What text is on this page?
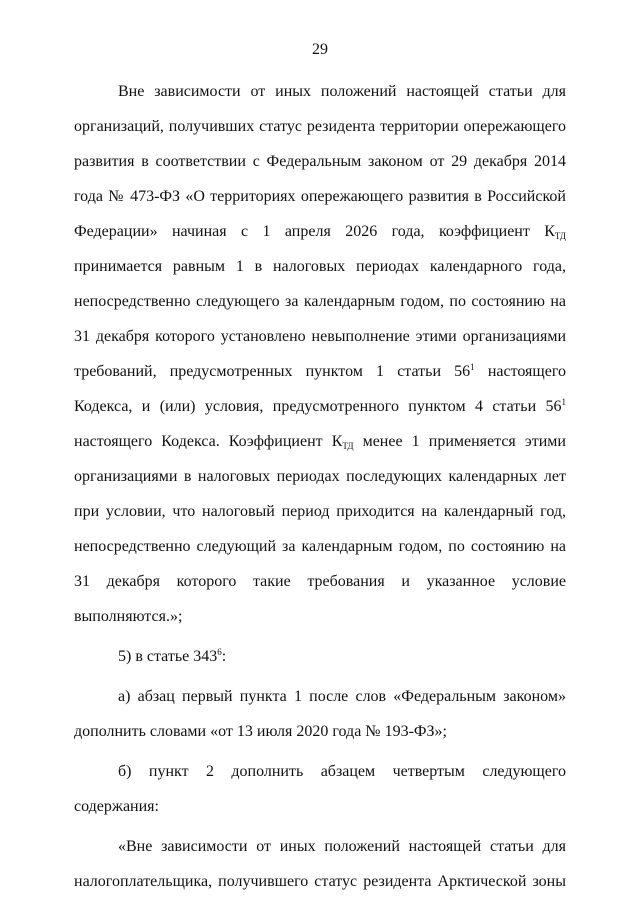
29

Вне зависимости от иных положений настоящей статьи для организаций, получивших статус резидента территории опережающего развития в соответствии с Федеральным законом от 29 декабря 2014 года № 473-ФЗ «О территориях опережающего развития в Российской Федерации» начиная с 1 апреля 2026 года, коэффициент $К_{ТД}$ принимается равным 1 в налоговых периодах календарного года, непосредственно следующего за календарным годом, по состоянию на 31 декабря которого установлено невыполнение этими организациями требований, предусмотренных пунктом 1 статьи $56^1$ настоящего Кодекса, и (или) условия, предусмотренного пунктом 4 статьи $56^1$ настоящего Кодекса. Коэффициент $К_{ТД}$ менее 1 применяется этими организациями в налоговых периодах последующих календарных лет при условии, что налоговый период приходится на календарный год, непосредственно следующий за календарным годом, по состоянию на 31 декабря которого такие требования и указанное условие выполняются.»;

5) в статье $343^6$:

а) абзац первый пункта 1 после слов «Федеральным законом» дополнить словами «от 13 июля 2020 года № 193-ФЗ»;

б) пункт 2 дополнить абзацем четвертым следующего содержания:

«Вне зависимости от иных положений настоящей статьи для налогоплательщика, получившего статус резидента Арктической зоны
